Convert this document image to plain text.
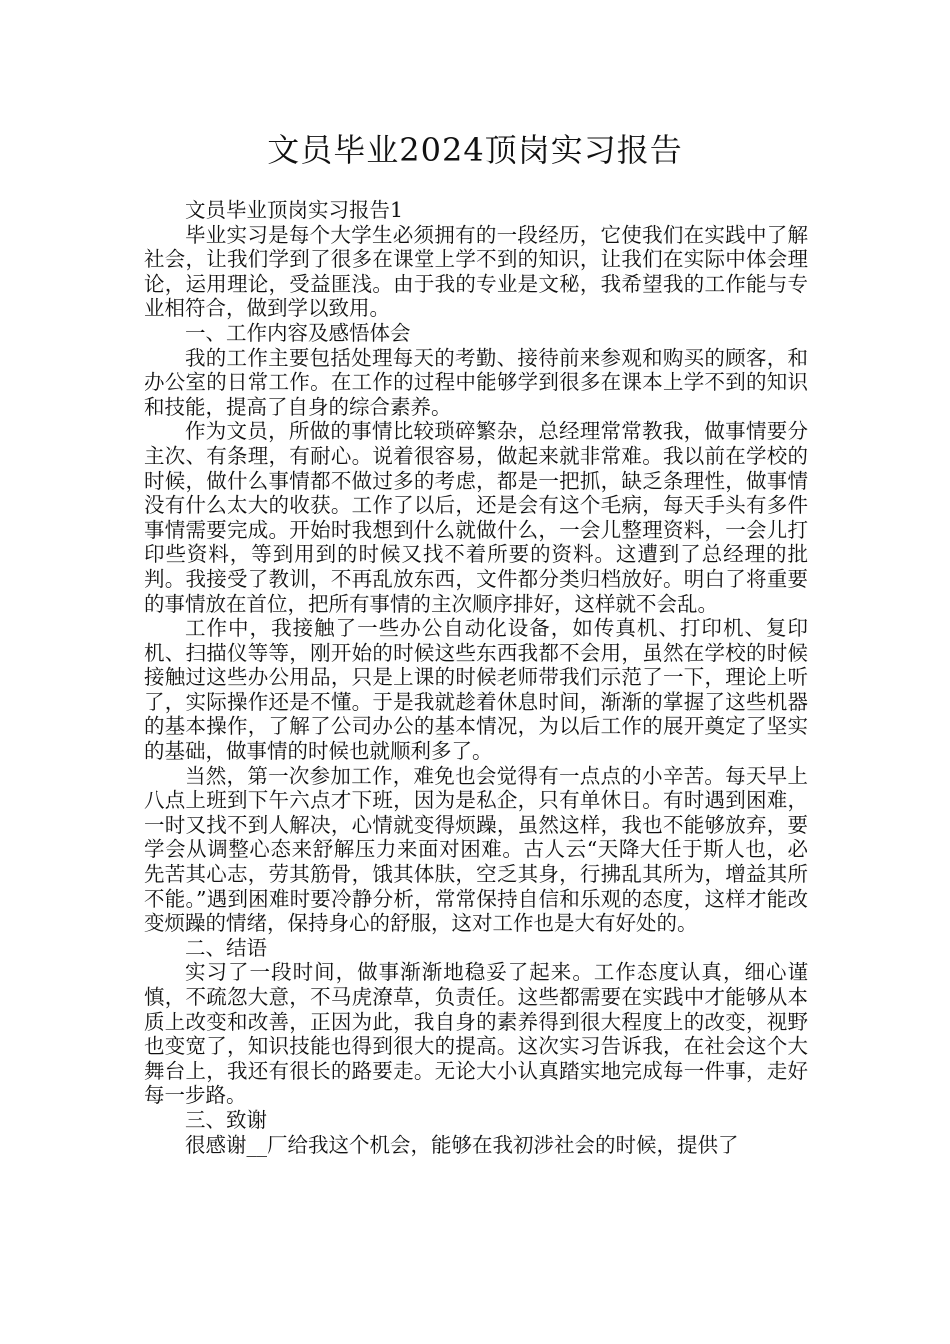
文员毕业2024顶岗实习报告

文员毕业顶岗实习报告1

毕业实习是每个大学生必须拥有的一段经历，它使我们在实践中了解社会，让我们学到了很多在课堂上学不到的知识，让我们在实际中体会理论，运用理论，受益匪浅。由于我的专业是文秘，我希望我的工作能与专业相符合，做到学以致用。

一、工作内容及感悟体会

我的工作主要包括处理每天的考勤、接待前来参观和购买的顾客，和办公室的日常工作。在工作的过程中能够学到很多在课本上学不到的知识和技能，提高了自身的综合素养。

作为文员，所做的事情比较琐碎繁杂，总经理常常教我，做事情要分主次、有条理，有耐心。说着很容易，做起来就非常难。我以前在学校的时候，做什么事情都不做过多的考虑，都是一把抓，缺乏条理性，做事情没有什么太大的收获。工作了以后，还是会有这个毛病，每天手头有多件事情需要完成。开始时我想到什么就做什么，一会儿整理资料，一会儿打印些资料，等到用到的时候又找不着所要的资料。这遭到了总经理的批判。我接受了教训，不再乱放东西，文件都分类归档放好。明白了将重要的事情放在首位，把所有事情的主次顺序排好，这样就不会乱。

工作中，我接触了一些办公自动化设备，如传真机、打印机、复印机、扫描仪等等，刚开始的时候这些东西我都不会用，虽然在学校的时候接触过这些办公用品，只是上课的时候老师带我们示范了一下，理论上听了，实际操作还是不懂。于是我就趁着休息时间，渐渐的掌握了这些机器的基本操作，了解了公司办公的基本情况，为以后工作的展开奠定了坚实的基础，做事情的时候也就顺利多了。

当然，第一次参加工作，难免也会觉得有一点点的小辛苦。每天早上八点上班到下午六点才下班，因为是私企，只有单休日。有时遇到困难，一时又找不到人解决，心情就变得烦躁，虽然这样，我也不能够放弃，要学会从调整心态来舒解压力来面对困难。古人云“天降大任于斯人也，必先苦其心志，劳其筋骨，饿其体肤，空乏其身，行拂乱其所为，增益其所不能。”遇到困难时要冷静分析，常常保持自信和乐观的态度，这样才能改变烦躁的情绪，保持身心的舒服，这对工作也是大有好处的。

二、结语

实习了一段时间，做事渐渐地稳妥了起来。工作态度认真，细心谨慎，不疏忽大意，不马虎潦草，负责任。这些都需要在实践中才能够从本质上改变和改善，正因为此，我自身的素养得到很大程度上的改变，视野也变宽了，知识技能也得到很大的提高。这次实习告诉我，在社会这个大舞台上，我还有很长的路要走。无论大小认真踏实地完成每一件事，走好每一步路。

三、致谢

很感谢__厂给我这个机会，能够在我初涉社会的时候，提供了
